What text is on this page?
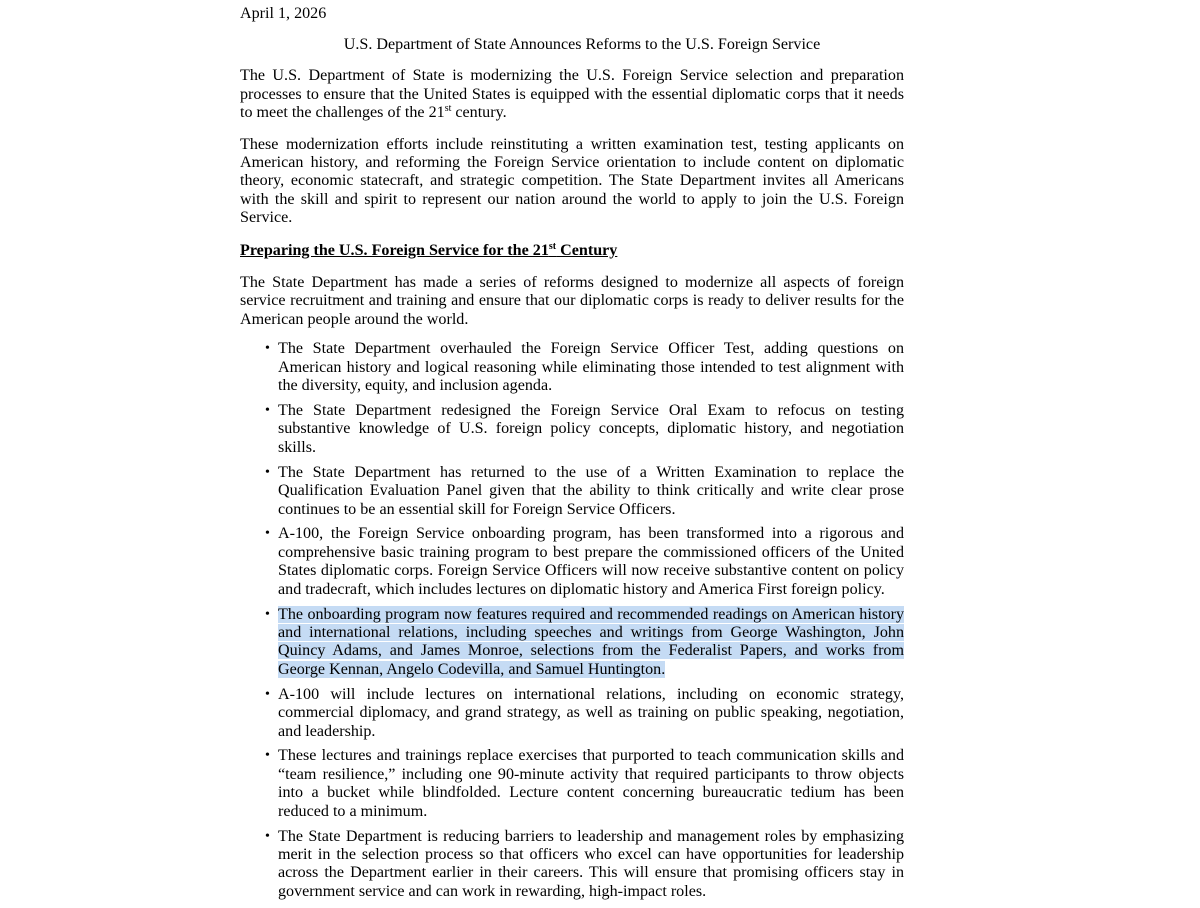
April 1, 2026

U.S. Department of State Announces Reforms to the U.S. Foreign Service

The U.S. Department of State is modernizing the U.S. Foreign Service selection and preparation processes to ensure that the United States is equipped with the essential diplomatic corps that it needs to meet the challenges of the 21st century.

These modernization efforts include reinstituting a written examination test, testing applicants on American history, and reforming the Foreign Service orientation to include content on diplomatic theory, economic statecraft, and strategic competition. The State Department invites all Americans with the skill and spirit to represent our nation around the world to apply to join the U.S. Foreign Service.

Preparing the U.S. Foreign Service for the 21st Century

The State Department has made a series of reforms designed to modernize all aspects of foreign service recruitment and training and ensure that our diplomatic corps is ready to deliver results for the American people around the world.

• The State Department overhauled the Foreign Service Officer Test, adding questions on American history and logical reasoning while eliminating those intended to test alignment with the diversity, equity, and inclusion agenda.
• The State Department redesigned the Foreign Service Oral Exam to refocus on testing substantive knowledge of U.S. foreign policy concepts, diplomatic history, and negotiation skills.
• The State Department has returned to the use of a Written Examination to replace the Qualification Evaluation Panel given that the ability to think critically and write clear prose continues to be an essential skill for Foreign Service Officers.
• A-100, the Foreign Service onboarding program, has been transformed into a rigorous and comprehensive basic training program to best prepare the commissioned officers of the United States diplomatic corps. Foreign Service Officers will now receive substantive content on policy and tradecraft, which includes lectures on diplomatic history and America First foreign policy.
• The onboarding program now features required and recommended readings on American history and international relations, including speeches and writings from George Washington, John Quincy Adams, and James Monroe, selections from the Federalist Papers, and works from George Kennan, Angelo Codevilla, and Samuel Huntington.
• A-100 will include lectures on international relations, including on economic strategy, commercial diplomacy, and grand strategy, as well as training on public speaking, negotiation, and leadership.
• These lectures and trainings replace exercises that purported to teach communication skills and “team resilience,” including one 90-minute activity that required participants to throw objects into a bucket while blindfolded. Lecture content concerning bureaucratic tedium has been reduced to a minimum.
• The State Department is reducing barriers to leadership and management roles by emphasizing merit in the selection process so that officers who excel can have opportunities for leadership across the Department earlier in their careers. This will ensure that promising officers stay in government service and can work in rewarding, high-impact roles.
